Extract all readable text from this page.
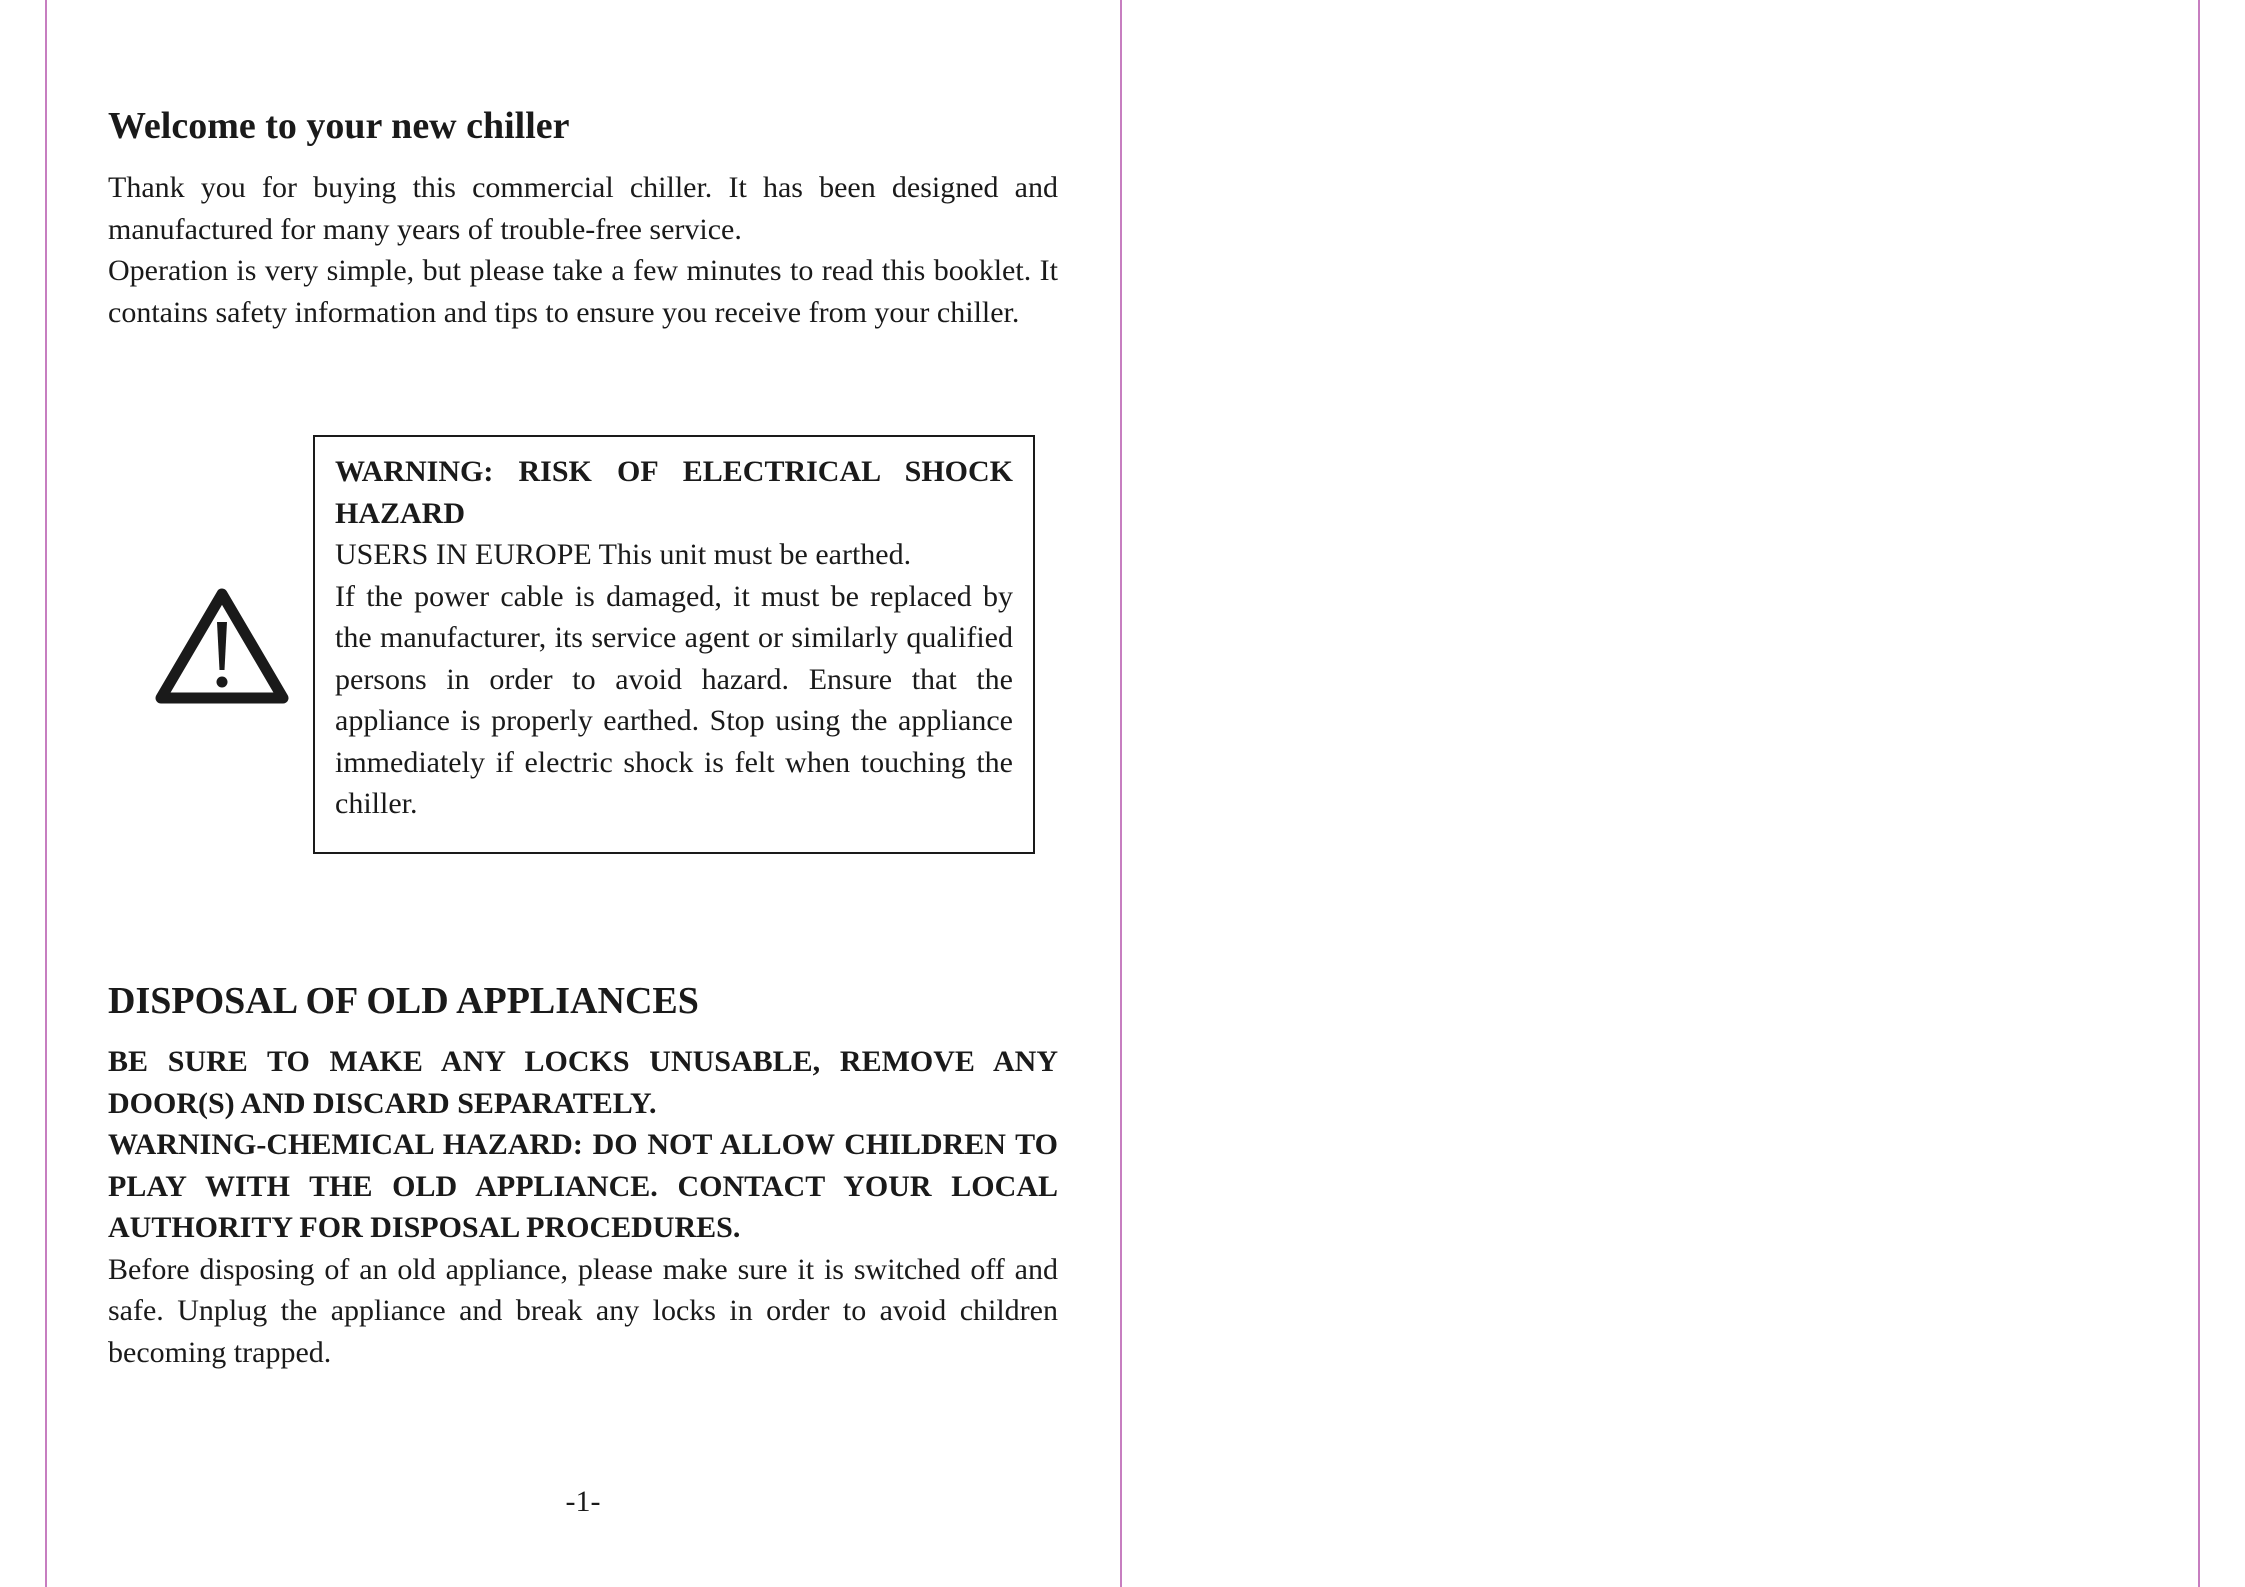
Welcome to your new chiller

Thank you for buying this commercial chiller. It has been designed and manufactured for many years of trouble-free service.

Operation is very simple, but please take a few minutes to read this booklet. It contains safety information and tips to ensure you receive from your chiller.

WARNING: RISK OF ELECTRICAL SHOCK HAZARD

USERS IN EUROPE This unit must be earthed.

If the power cable is damaged, it must be replaced by the manufacturer, its service agent or similarly qualified persons in order to avoid hazard. Ensure that the appliance is properly earthed. Stop using the appliance immediately if electric shock is felt when touching the chiller.

DISPOSAL OF OLD APPLIANCES

BE SURE TO MAKE ANY LOCKS UNUSABLE, REMOVE ANY DOOR(S) AND DISCARD SEPARATELY.

WARNING-CHEMICAL HAZARD: DO NOT ALLOW CHILDREN TO PLAY WITH THE OLD APPLIANCE. CONTACT YOUR LOCAL AUTHORITY FOR DISPOSAL PROCEDURES.

Before disposing of an old appliance, please make sure it is switched off and safe. Unplug the appliance and break any locks in order to avoid children becoming trapped.

-1-
